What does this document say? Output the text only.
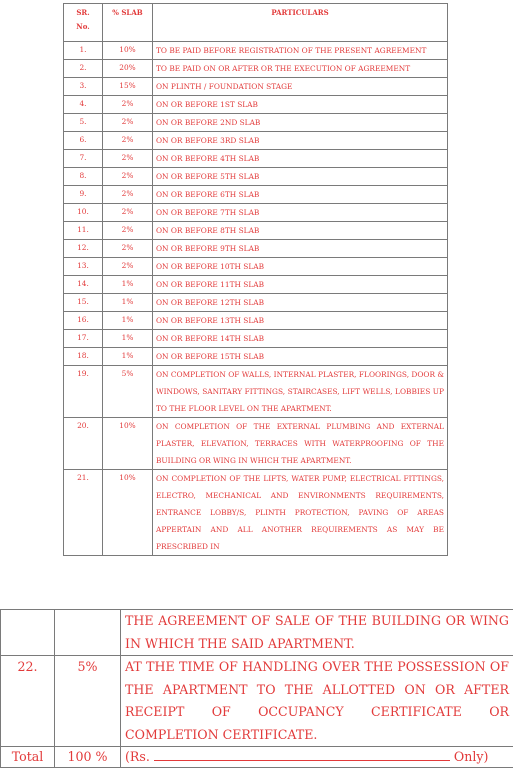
SR.
No.	% SLAB	PARTICULARS
1.	10%	TO BE PAID BEFORE REGISTRATION OF THE PRESENT AGREEMENT

2.	20%	TO BE PAID ON OR AFTER OR THE EXECUTION OF AGREEMENT

3.	15%	ON PLINTH / FOUNDATION STAGE

4.	2%	ON OR BEFORE 1ST SLAB

5.	2%	ON OR BEFORE 2ND SLAB

6.	2%	ON OR BEFORE 3RD SLAB

7.	2%	ON OR BEFORE 4TH SLAB

8.	2%	ON OR BEFORE 5TH SLAB

9.	2%	ON OR BEFORE 6TH SLAB

10.	2%	ON OR BEFORE 7TH SLAB

11.	2%	ON OR BEFORE 8TH SLAB

12.	2%	ON OR BEFORE 9TH SLAB

13.	2%	ON OR BEFORE 10TH SLAB

14.	1%	ON OR BEFORE 11TH SLAB

15.	1%	ON OR BEFORE 12TH SLAB

16.	1%	ON OR BEFORE 13TH SLAB

17.	1%	ON OR BEFORE 14TH SLAB

18.	1%	ON OR BEFORE 15TH SLAB

19.	5%	ON COMPLETION OF WALLS, INTERNAL PLASTER, FLOORINGS, DOOR & WINDOWS, SANITARY FITTINGS, STAIRCASES, LIFT WELLS, LOBBIES UP TO THE FLOOR LEVEL ON THE APARTMENT.

20.	10%	ON COMPLETION OF THE EXTERNAL PLUMBING AND EXTERNAL PLASTER, ELEVATION, TERRACES WITH WATERPROOFING OF THE BUILDING OR WING IN WHICH THE APARTMENT.

21.	10%	ON COMPLETION OF THE LIFTS, WATER PUMP, ELECTRICAL FITTINGS, ELECTRO, MECHANICAL AND ENVIRONMENTS REQUIREMENTS, ENTRANCE LOBBY/S, PLINTH PROTECTION, PAVING OF AREAS APPERTAIN AND ALL ANOTHER REQUIREMENTS AS MAY BE PRESCRIBED IN
		THE AGREEMENT OF SALE OF THE BUILDING OR WING IN WHICH THE SAID APARTMENT.
22.	5%	AT THE TIME OF HANDLING OVER THE POSSESSION OF THE APARTMENT TO THE ALLOTTED ON OR AFTER RECEIPT OF OCCUPANCY CERTIFICATE OR COMPLETION CERTIFICATE.
Total	100 %	(Rs. Only)
